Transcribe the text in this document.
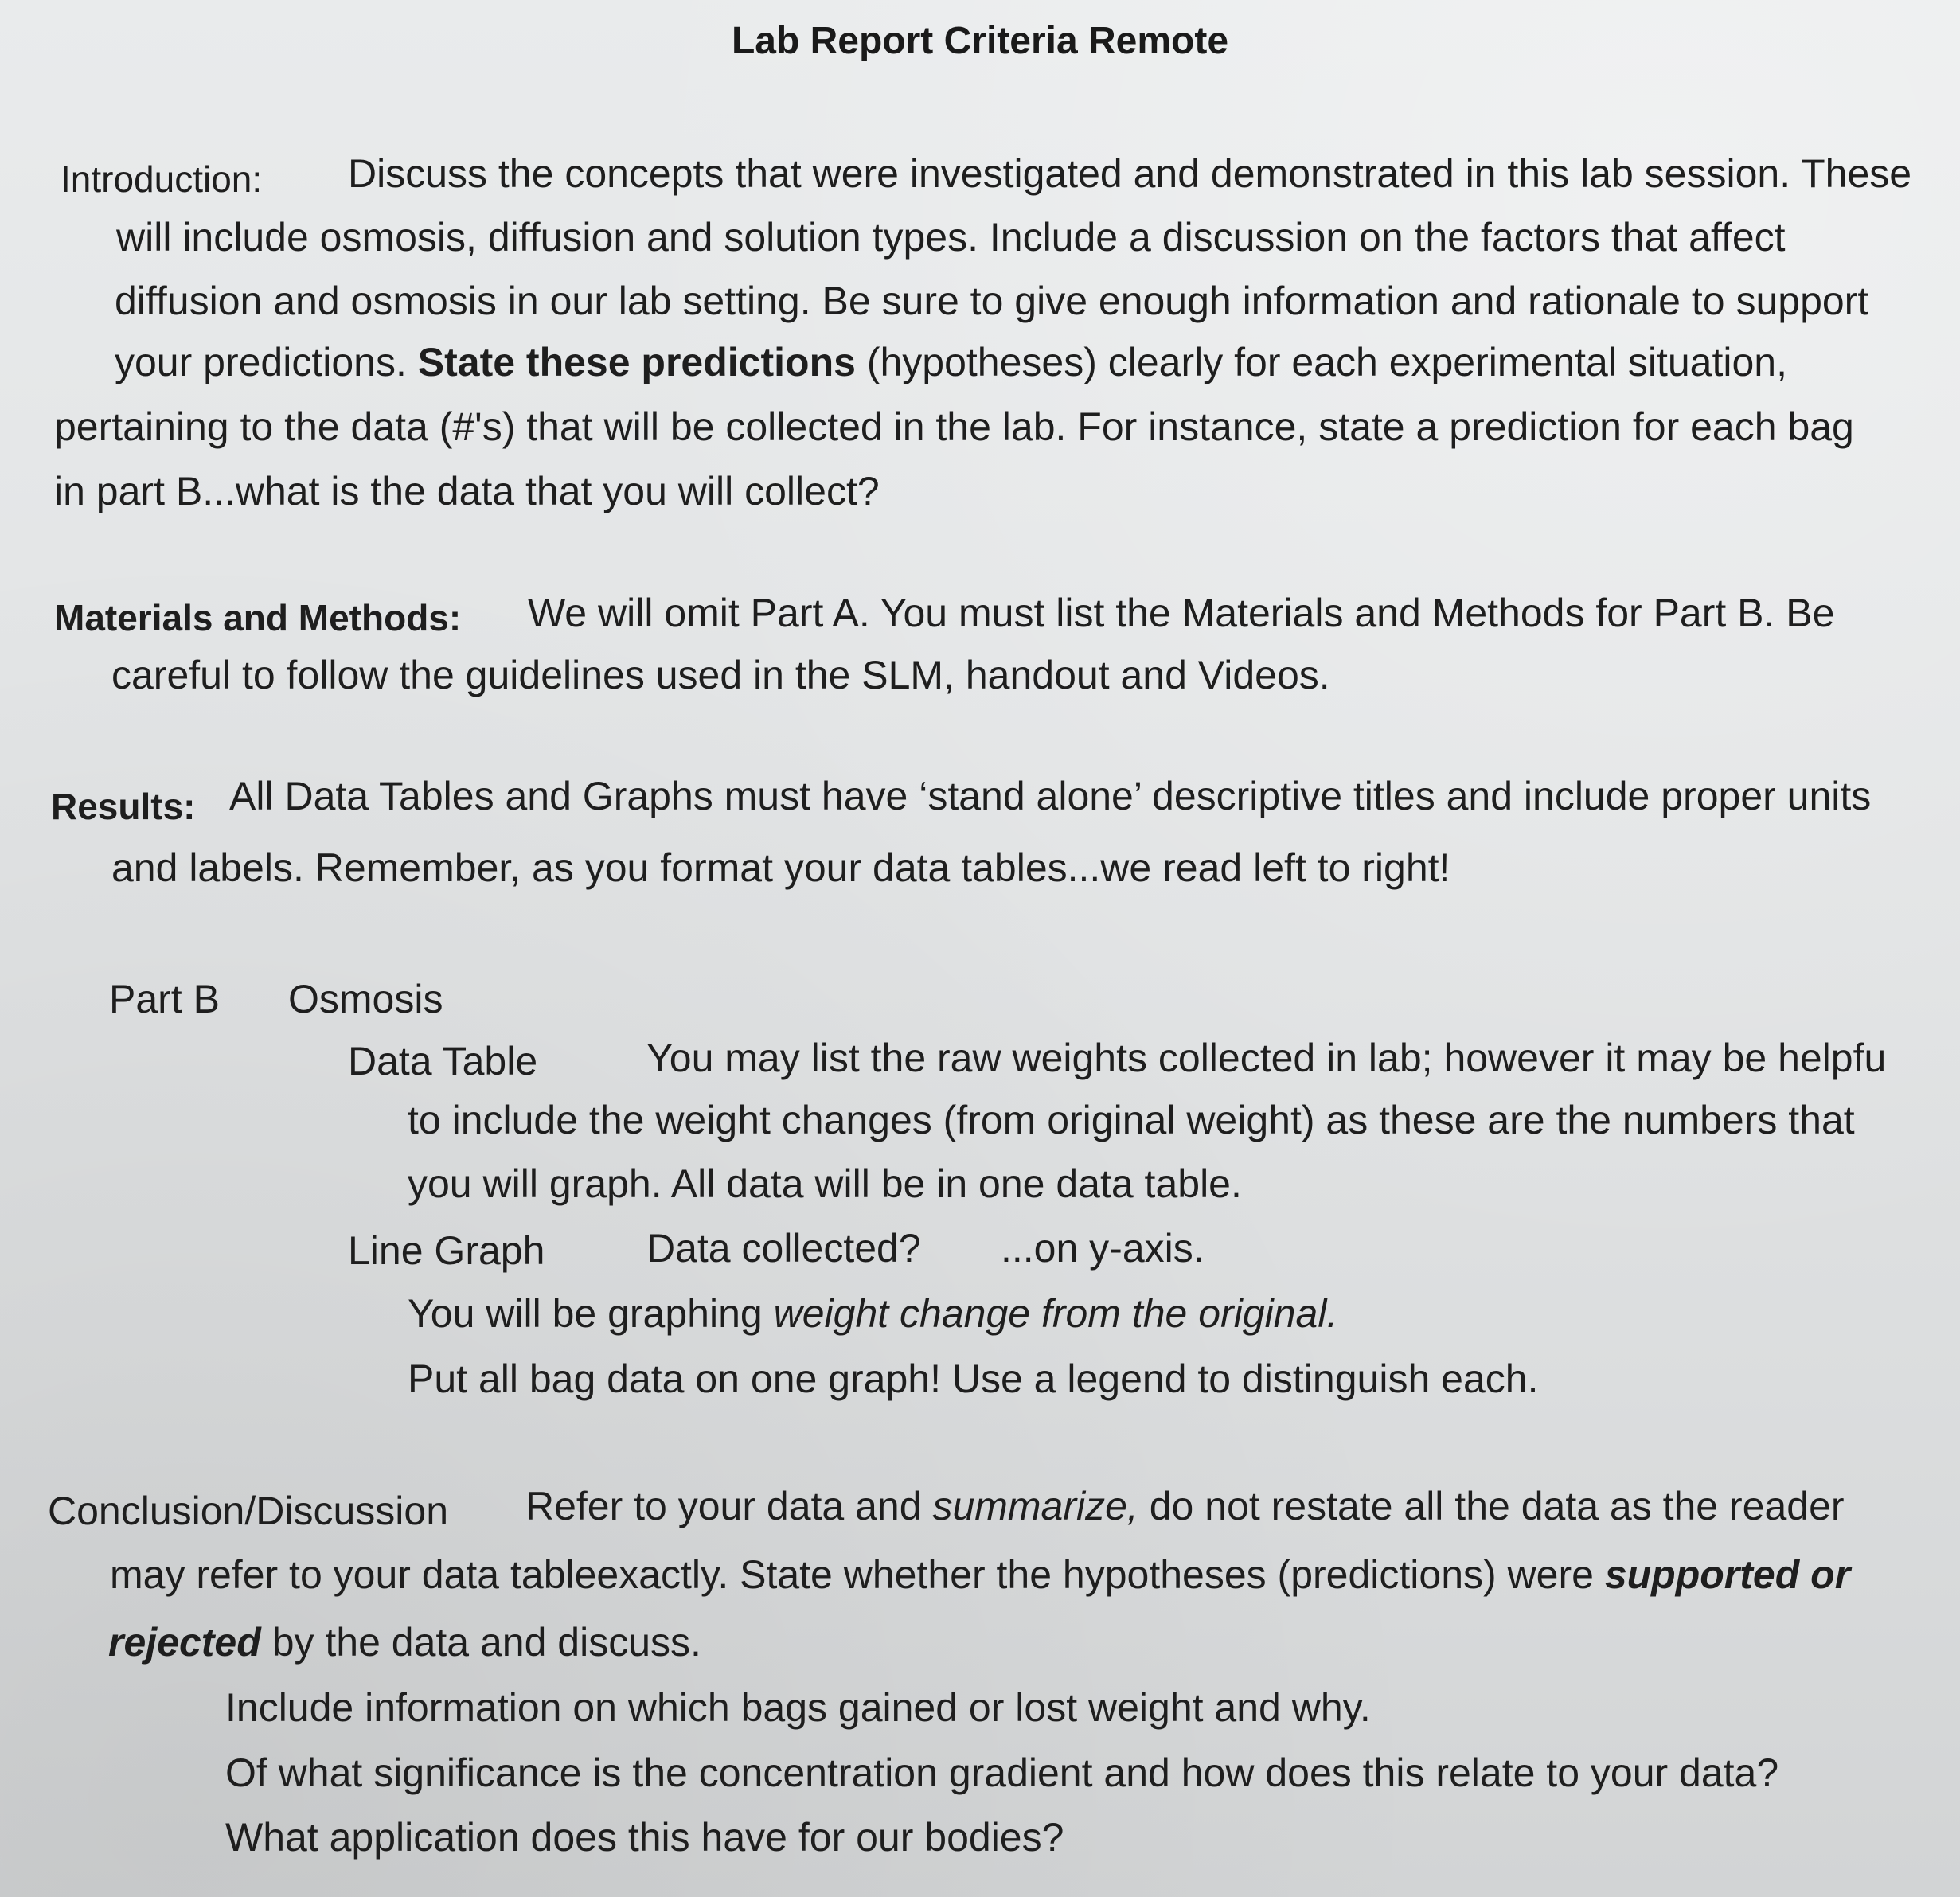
Lab Report Criteria Remote
Introduction: Discuss the concepts that were investigated and demonstrated in this lab session. These
will include osmosis, diffusion and solution types. Include a discussion on the factors that affect
diffusion and osmosis in our lab setting. Be sure to give enough information and rationale to support
your predictions. State these predictions (hypotheses) clearly for each experimental situation,
pertaining to the data (#'s) that will be collected in the lab. For instance, state a prediction for each bag
in part B...what is the data that you will collect?
Materials and Methods: We will omit Part A. You must list the Materials and Methods for Part B. Be
careful to follow the guidelines used in the SLM, handout and Videos.
Results: All Data Tables and Graphs must have ‘stand alone’ descriptive titles and include proper units
and labels. Remember, as you format your data tables...we read left to right!
Part B Osmosis
Data Table	You may list the raw weights collected in lab; however it may be helpfu
to include the weight changes (from original weight) as these are the numbers that
you will graph. All data will be in one data table.
Line Graph	Data collected? ...on y-axis.
You will be graphing weight change from the original.
Put all bag data on one graph! Use a legend to distinguish each.
Conclusion/Discussion Refer to your data and summarize, do not restate all the data as the reader
may refer to your data tableexactly. State whether the hypotheses (predictions) were supported or
rejected by the data and discuss.
Include information on which bags gained or lost weight and why.
Of what significance is the concentration gradient and how does this relate to your data?
What application does this have for our bodies?
